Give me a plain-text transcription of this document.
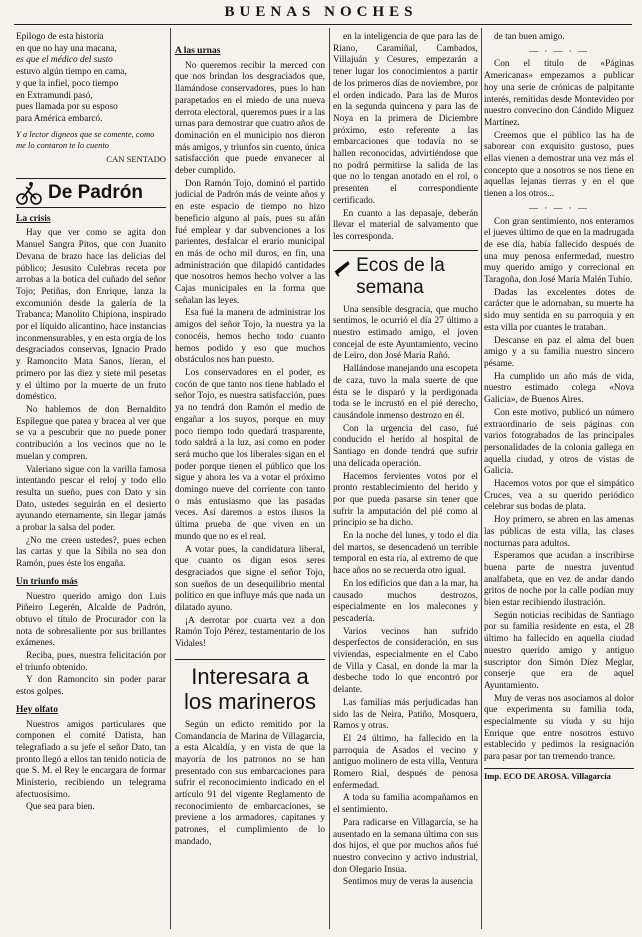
BUENAS NOCHES

Epilogo de esta historia

en que no hay una macana,

es que el médico del susto

estuvo algún tiempo en cama,

y que la infiel, poco tiempo

en Extramundi pasó,

pues llamada por su esposo

para América embarcó.

Y a lector digneos que se comente, como me lo contaron te lo cuento

CAN SENTADO
De Padrón
La crisis

Hay que ver como se agita don Manuel Sangra Pitos, que con Juanito Devana de brazo hace las delicias del público; Jesusito Culebras receta por arrobas a la botica del cuñado del señor Tojo; Petiñas, don Enrique, lanza la excomunión desde la galería de la Trabanca; Manolito Chipiona, inspirado por el líquido alicantino, hace instancias inconmensurables, y en esta orgía de los desgraciados conservas, Ignacio Prado y Ramoncito Mata Sanos, líeran, el primero por las diez y siete mil pesetas y el último por la muerte de un fruto doméstico.

No hablemos de don Bernaldito Espilegue que patea y bracea al ver que se va a pescubrir que no puede poner contribución a los vecinos que no le muelan y compren.

Valeriano sigue con la varilla famosa intentando pescar el reloj y todo ello resulta un sueño, pues con Dato y sin Dato, ustedes seguirán en el desierto ayunando eternamente, sin llegar jamás a probar la salsa del poder.

¿No me creen ustedes?, pues echen las cartas y que la Sibila no sea don Ramón, pues éste los engaña.

Un triunfo más

Nuestro querido amigo don Luis Piñeiro Legerén, Alcalde de Padrón, obtuvo el título de Procurador con la nota de sobresaliente por sus brillantes exámenes.

Reciba, pues, nuestra felicitación por el triunfo obtenido.

Y don Ramoncito sin poder parar estos golpes.

Hey olfato

Nuestros amigos particulares que componen el comité Datista, han telegrafiado a su jefe el señor Dato, tan pronto llegó a ellos tan tenido noticia de que S. M. el Rey le encargara de formar Ministerio, recibiendo un telegrama afectuosísimo.

Que sea para bien.

A las urnas

No queremos recibir la merced con que nos brindan los desgraciados que, llamándose conservadores, pues lo han parapetados en el miedo de una nueva derrota electoral, queremos pues ir a las urnas para demostrar que cuatro años de dominación en el municipio nos dieron más amigos, y triunfos sin cuento, única satisfacción que puede envanecer al deber cumplido.

Don Ramón Tojo, dominó el partido judicial de Padrón más de veinte años y en este espacio de tiempo no hizo beneficio alguno al país, pues su afán fué emplear y dar subvenciones a los parientes, desfalcar el erario municipal en más de ocho mil duros, en fin, una administración que dilapidó cantidades que nosotros hemos hecho volver a las Cajas municipales en la forma que señalan las leyes.

Esa fué la manera de administrar los amigos del señor Tojo, la nuestra ya la conocéis, hemos hecho todo cuanto hemos podido y eso que muchos obstáculos nos han puesto.

Los conservadores en el poder, es cocón de que tanto nos tiene hablado el señor Tojo, es nuestra satisfacción, pues ya no tendrá don Ramón el medio de engañar a los suyos, porque en muy poco tiempo todo quedará trasparente, todo saldrá a la luz, así como en poder será mucho que los liberales sigan en el poder porque tienen el público que los sigue y ahora les va a votar el próximo domingo nueve del corriente con tanto o más entusiasmo que las pasadas veces. Así daremos a estos ilusos la última prueba de que viven en un mundo que no es el real.

A votar pues, la candidatura liberal, que cuanto os digan esos seres desgraciados que signe el señor Tojo, son sueños de un desequilibrio mental político en que influye más que nada un dilatado ayuno.

¡A derrotar por cuarta vez a don Ramón Tojo Pérez, testamentario de los Vidales!

Interesara a los marineros

Según un edicto remitido por la Comandancia de Marina de Villagarcía, a esta Alcaldía, y en vista de que la mayoría de los patronos no se han presentado con sus embarcaciones para sufrir el reconocimiento indicado en el artículo 91 del vigente Reglamento de reconocimiento de embarcaciones, se previene a los armadores, capitanes y patrones, el cumplimiento de lo mandado,

en la inteligencia de que para las de Riano, Caramiñal, Cambados, Villajuán y Cesures, empezarán a tener lugar los conocimientos a partir de los primeros días de noviembre, por el orden indicado. Para las de Muros en la segunda quincena y para las de Noya en la primera de Diciembre próximo, esto referente a las embarcaciones que todavía no se hallen reconocidas, advirtiéndose que no podrá permitirse la salida de las que no lo tengan anotado en el rol, o presenten el correspondiente certificado.

En cuanto a las depasaje, deberán llevar el material de salvamento que les corresponda.

Ecos de la semana

Una sensible desgracia, que mucho sentimos, le ocurrió el día 27 último a nuestro estimado amigo, el joven concejal de este Ayuntamiento, vecino de Leiro, don José María Rañó.

Hallándose manejando una escopeta de caza, tuvo la mala suerte de que ésta se le disparó y la perdigonada toda se le incrustó en el pié derecho, causándole inmenso destrozo en él.

Con la urgencia del caso, fué conducido el herido al hospital de Santiago en donde tendrá que sufrir una delicada operación.

Hacemos fervientes votos por el pronto restablecimiento del herido y por que pueda pasarse sin tener que sufrir la amputación del pié como al principio se ha dicho.

En la noche del lunes, y todo el día del martos, se desencadenó un terrible temporal en esta ría, al extremo de que hace años no se recuerda otro igual.

En los edificios que dan a la mar, ha causado muchos destrozos, especialmente en los malecones y pescadería.

Varios vecinos han sufrido desperfectos de consideración, en sus viviendas, especialmente en el Cabo de Villa y Casal, en donde la mar la desbeche todo lo que encontró por delante.

Las familias más perjudicadas han sido las de Neira, Patiño, Mosquera, Ramos y otras.

El 24 último, ha fallecido en la parroquia de Asados el vecino y antiguo molinero de esta villa, Ventura Romero Rial, después de penosa enfermedad.

A toda su familia acompañamos en el sentimiento.

Para radicarse en Villagarcía, se ha ausentado en la semana última con sus dos hijos, el que por muchos años fué nuestro convecino y activo industrial, don Olegario Insua.

Sentimos muy de veras la ausencia

de tan buen amigo.

— · — · —

Con el título de «Páginas Americanas» empezamos a publicar hoy una serie de crónicas de palpitante interés, remitidas desde Montevideo por nuestro convecino don Cándido Miguez Martínez.

Creemos que el público las ha de saborear con exquisito gustoso, pues ellas vienen a demostrar una vez más el concepto que a nosotros se nos tiene en aquellas lejanas tierras y en el que tienen a los otros...

— · — · —

Con gran sentimiento, nos enteramos el jueves último de que en la madrugada de ese día, había fallecido después de una muy penosa enfermedad, nuestro muy querido amigo y correcional en Taragoña, don José María Malén Tubío.

Dadas las excelentes dotes de carácter que le adornaban, su muerte ha sido muy sentida en su parroquia y en esta villa por cuantes le trataban.

Descanse en paz el alma del buen amigo y a su familia nuestro sincero pésame.

Ha cumplido un año más de vida, nuestro estimado colega «Nova Galicia», de Buenos Aires.

Con este motivo, publicó un número extraordinario de seis páginas con varios fotograbados de las principales personalidades de la colonia gallega en aquella ciudad, y otros de vistas de Galicia.

Hacemos votos por que el simpático Cruces, vea a su querido periódico celebrar sus bodas de plata.

Hoy primero, se abren en las amenas las públicas de esta villa, las clases nocturnas para adultos.

Esperamos que acudan a inscribirse buena parte de nuestra juventud analfabeta, que en vez de andar dando gritos de noche por la calle podían muy bien estar recibiendo ilustración.

Según noticias recibidas de Santiago por su familia residente en esta, el 28 último ha fallecido en aquella ciudad nuestro querido amigo y antiguo suscriptor don Simón Díez Meglar, conserje que era de aquel Ayuntamiento.

Muy de veras nos asociamos al dolor que experimenta su familia toda, especialmente su viuda y su hijo Enrique que entre nosotros estuvo establecido y pedimos la resignación para pasar por tan tremendo trance.

Imp. ECO DE AROSA. Villagarcía
